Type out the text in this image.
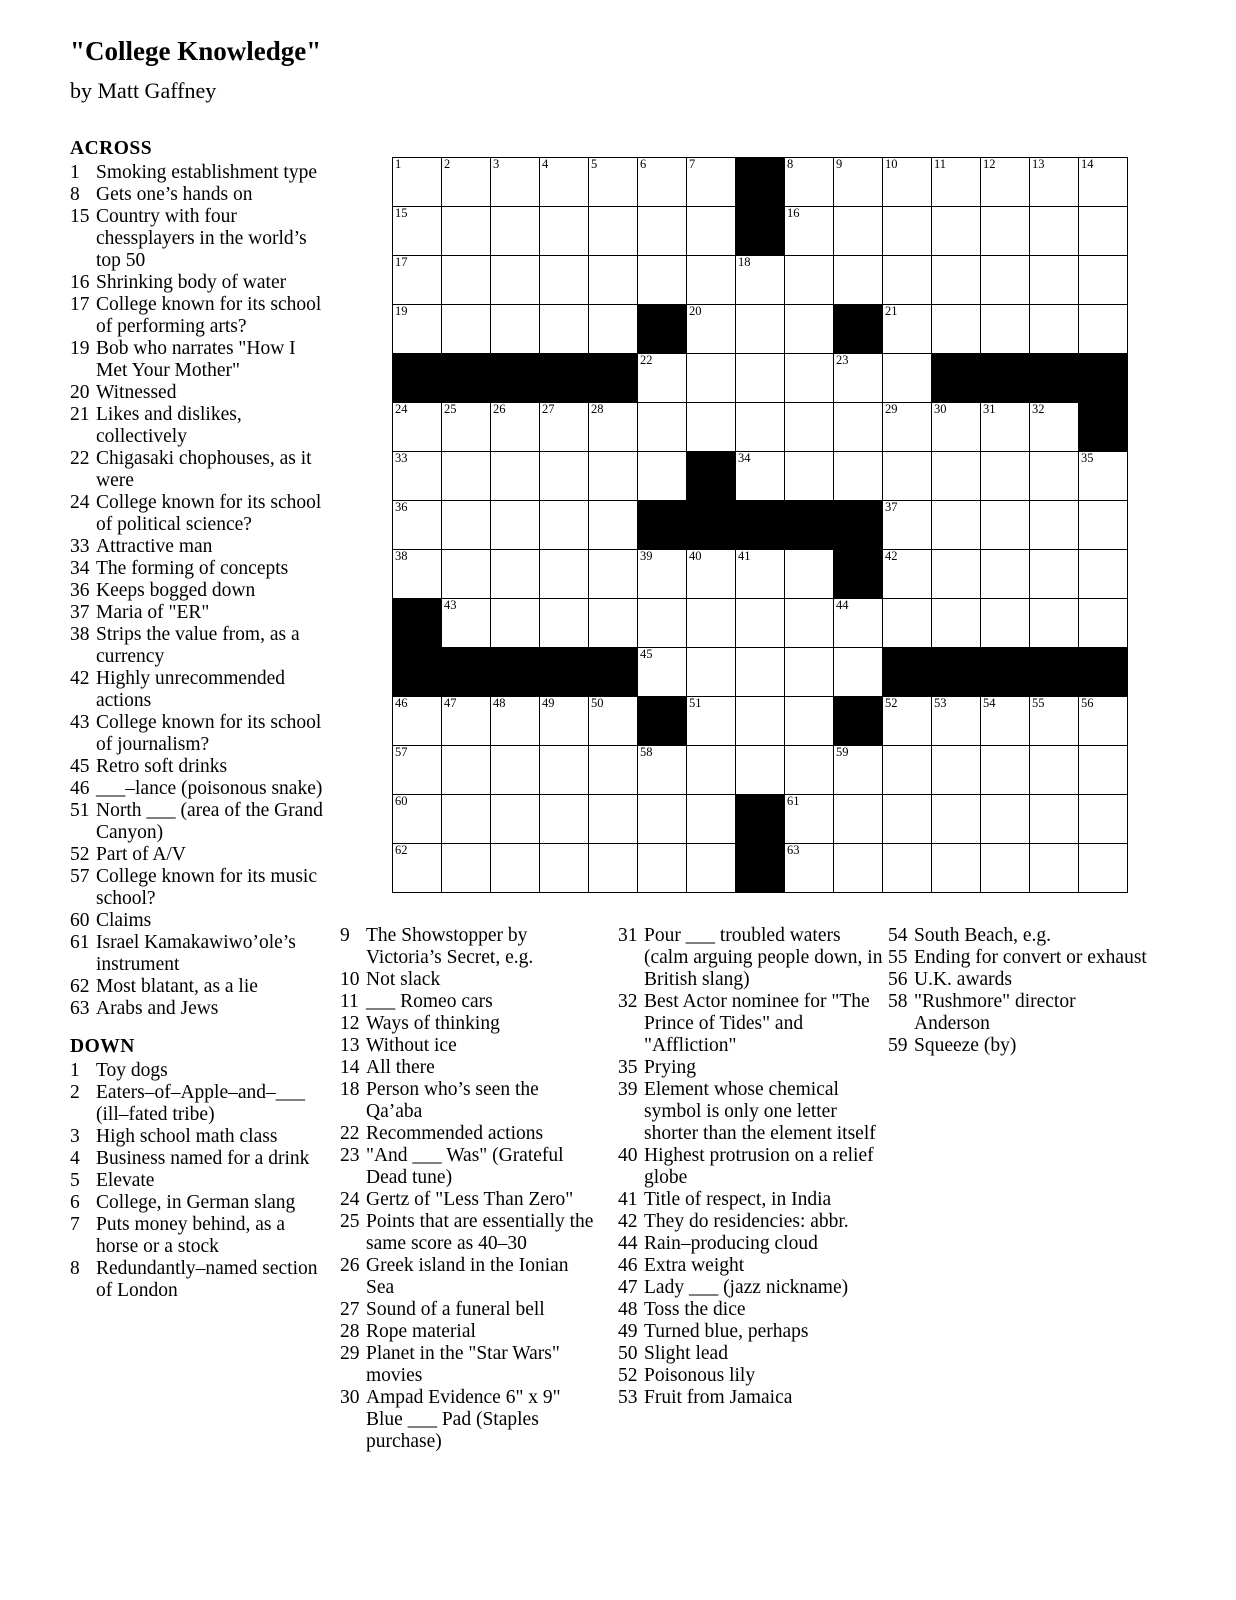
"College Knowledge"
by Matt Gaffney
1	2	3	4	5	6	7		8	9	10	11	12	13	14

15								16						

17							18							

19						20				21				

					22				23					

24	25	26	27	28						29	30	31	32	

33							34							35

36										37				

38					39	40	41			42				

	43								44					

					45									

46	47	48	49	50		51				52	53	54	55	56

57					58				59					

60								61						

62								63						

ACROSS
1 Smoking establishment type
8 Gets one’s hands on
15 Country with four chessplayers in the world’s top 50
16 Shrinking body of water
17 College known for its school of performing arts?
19 Bob who narrates "How I Met Your Mother"
20 Witnessed
21 Likes and dislikes, collectively
22 Chigasaki chophouses, as it were
24 College known for its school of political science?
33 Attractive man
34 The forming of concepts
36 Keeps bogged down
37 Maria of "ER"
38 Strips the value from, as a currency
42 Highly unrecommended actions
43 College known for its school of journalism?
45 Retro soft drinks
46 ___–lance (poisonous snake)
51 North ___ (area of the Grand Canyon)
52 Part of A/V
57 College known for its music school?
60 Claims
61 Israel Kamakawiwo’ole’s instrument
62 Most blatant, as a lie
63 Arabs and Jews
DOWN
1 Toy dogs
2 Eaters–of–Apple–and–___ (ill–fated tribe)
3 High school math class
4 Business named for a drink
5 Elevate
6 College, in German slang
7 Puts money behind, as a horse or a stock
8 Redundantly–named section of London
9 The Showstopper by Victoria’s Secret, e.g.
10 Not slack
11 ___ Romeo cars
12 Ways of thinking
13 Without ice
14 All there
18 Person who’s seen the Qa’aba
22 Recommended actions
23 "And ___ Was" (Grateful Dead tune)
24 Gertz of "Less Than Zero"
25 Points that are essentially the same score as 40–30
26 Greek island in the Ionian Sea
27 Sound of a funeral bell
28 Rope material
29 Planet in the "Star Wars" movies
30 Ampad Evidence 6" x 9" Blue ___ Pad (Staples purchase)
31 Pour ___ troubled waters (calm arguing people down, in British slang)
32 Best Actor nominee for "The Prince of Tides" and "Affliction"
35 Prying
39 Element whose chemical symbol is only one letter shorter than the element itself
40 Highest protrusion on a relief globe
41 Title of respect, in India
42 They do residencies: abbr.
44 Rain–producing cloud
46 Extra weight
47 Lady ___ (jazz nickname)
48 Toss the dice
49 Turned blue, perhaps
50 Slight lead
52 Poisonous lily
53 Fruit from Jamaica
54 South Beach, e.g.
55 Ending for convert or exhaust
56 U.K. awards
58 "Rushmore" director Anderson
59 Squeeze (by)
